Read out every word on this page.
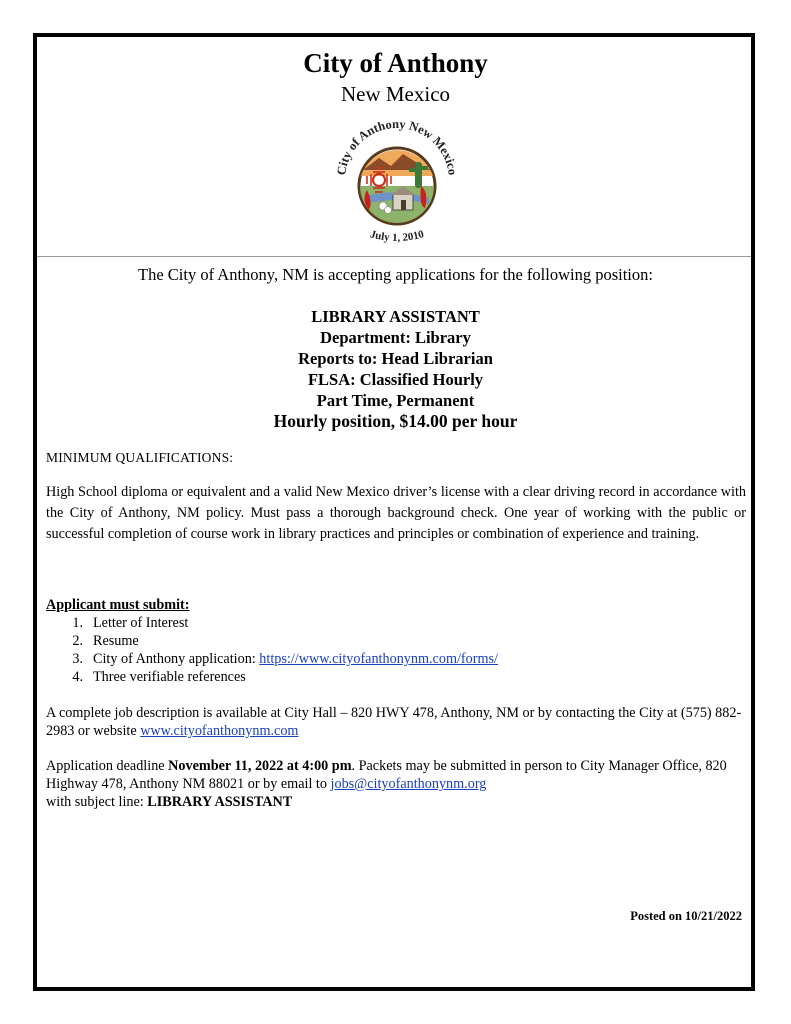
City of Anthony
New Mexico
City of Anthony New Mexico
July 1, 2010
The City of Anthony, NM is accepting applications for the following position:
LIBRARY ASSISTANT
Department: Library
Reports to: Head Librarian
FLSA: Classified Hourly
Part Time, Permanent
Hourly position, $14.00 per hour
MINIMUM QUALIFICATIONS:
High School diploma or equivalent and a valid New Mexico driver’s license with a clear driving record in accordance with the City of Anthony, NM policy. Must pass a thorough background check. One year of working with the public or successful completion of course work in library practices and principles or combination of experience and training.
Applicant must submit:
1. Letter of Interest
2. Resume
3. City of Anthony application: https://www.cityofanthonynm.com/forms/
4. Three verifiable references
A complete job description is available at City Hall – 820 HWY 478, Anthony, NM or by contacting the City at (575) 882-2983 or website www.cityofanthonynm.com
Application deadline November 11, 2022 at 4:00 pm. Packets may be submitted in person to City Manager Office, 820 Highway 478, Anthony NM 88021 or by email to jobs@cityofanthonynm.org
with subject line: LIBRARY ASSISTANT
Posted on 10/21/2022
